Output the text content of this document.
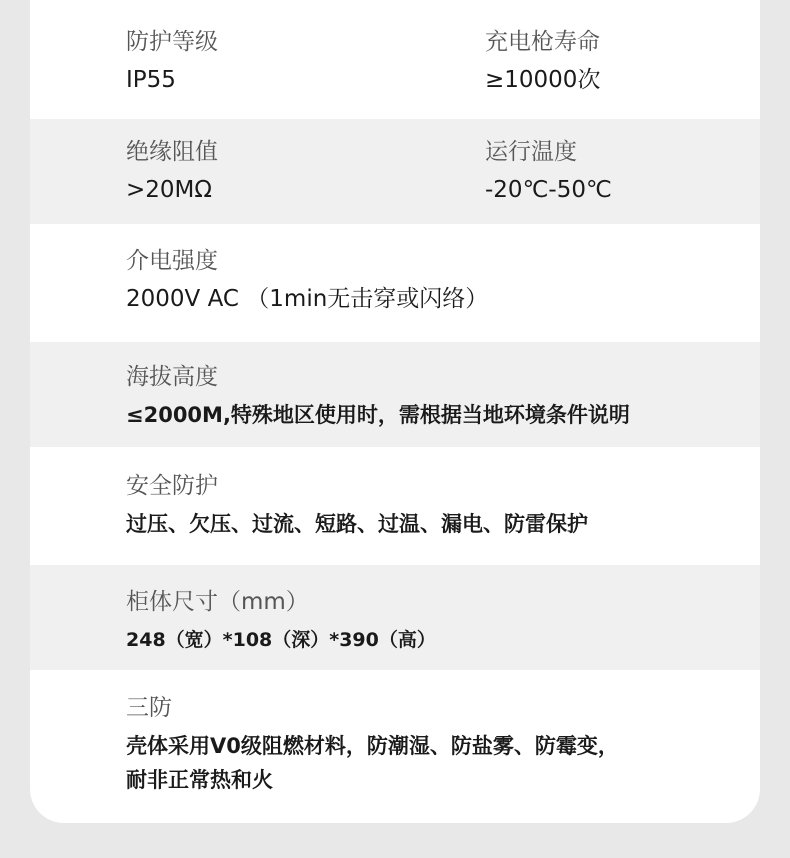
防护等级
IP55
充电枪寿命
≥10000次
绝缘阻值
>20MΩ
运行温度
-20℃-50℃
介电强度
2000V AC （1min无击穿或闪络）
海拔高度
≤2000M,特殊地区使用时，需根据当地环境条件说明
安全防护
过压、欠压、过流、短路、过温、漏电、防雷保护
柜体尺寸（mm）
248（宽）*108（深）*390（高）
三防
壳体采用V0级阻燃材料，防潮湿、防盐雾、防霉变，
耐非正常热和火
